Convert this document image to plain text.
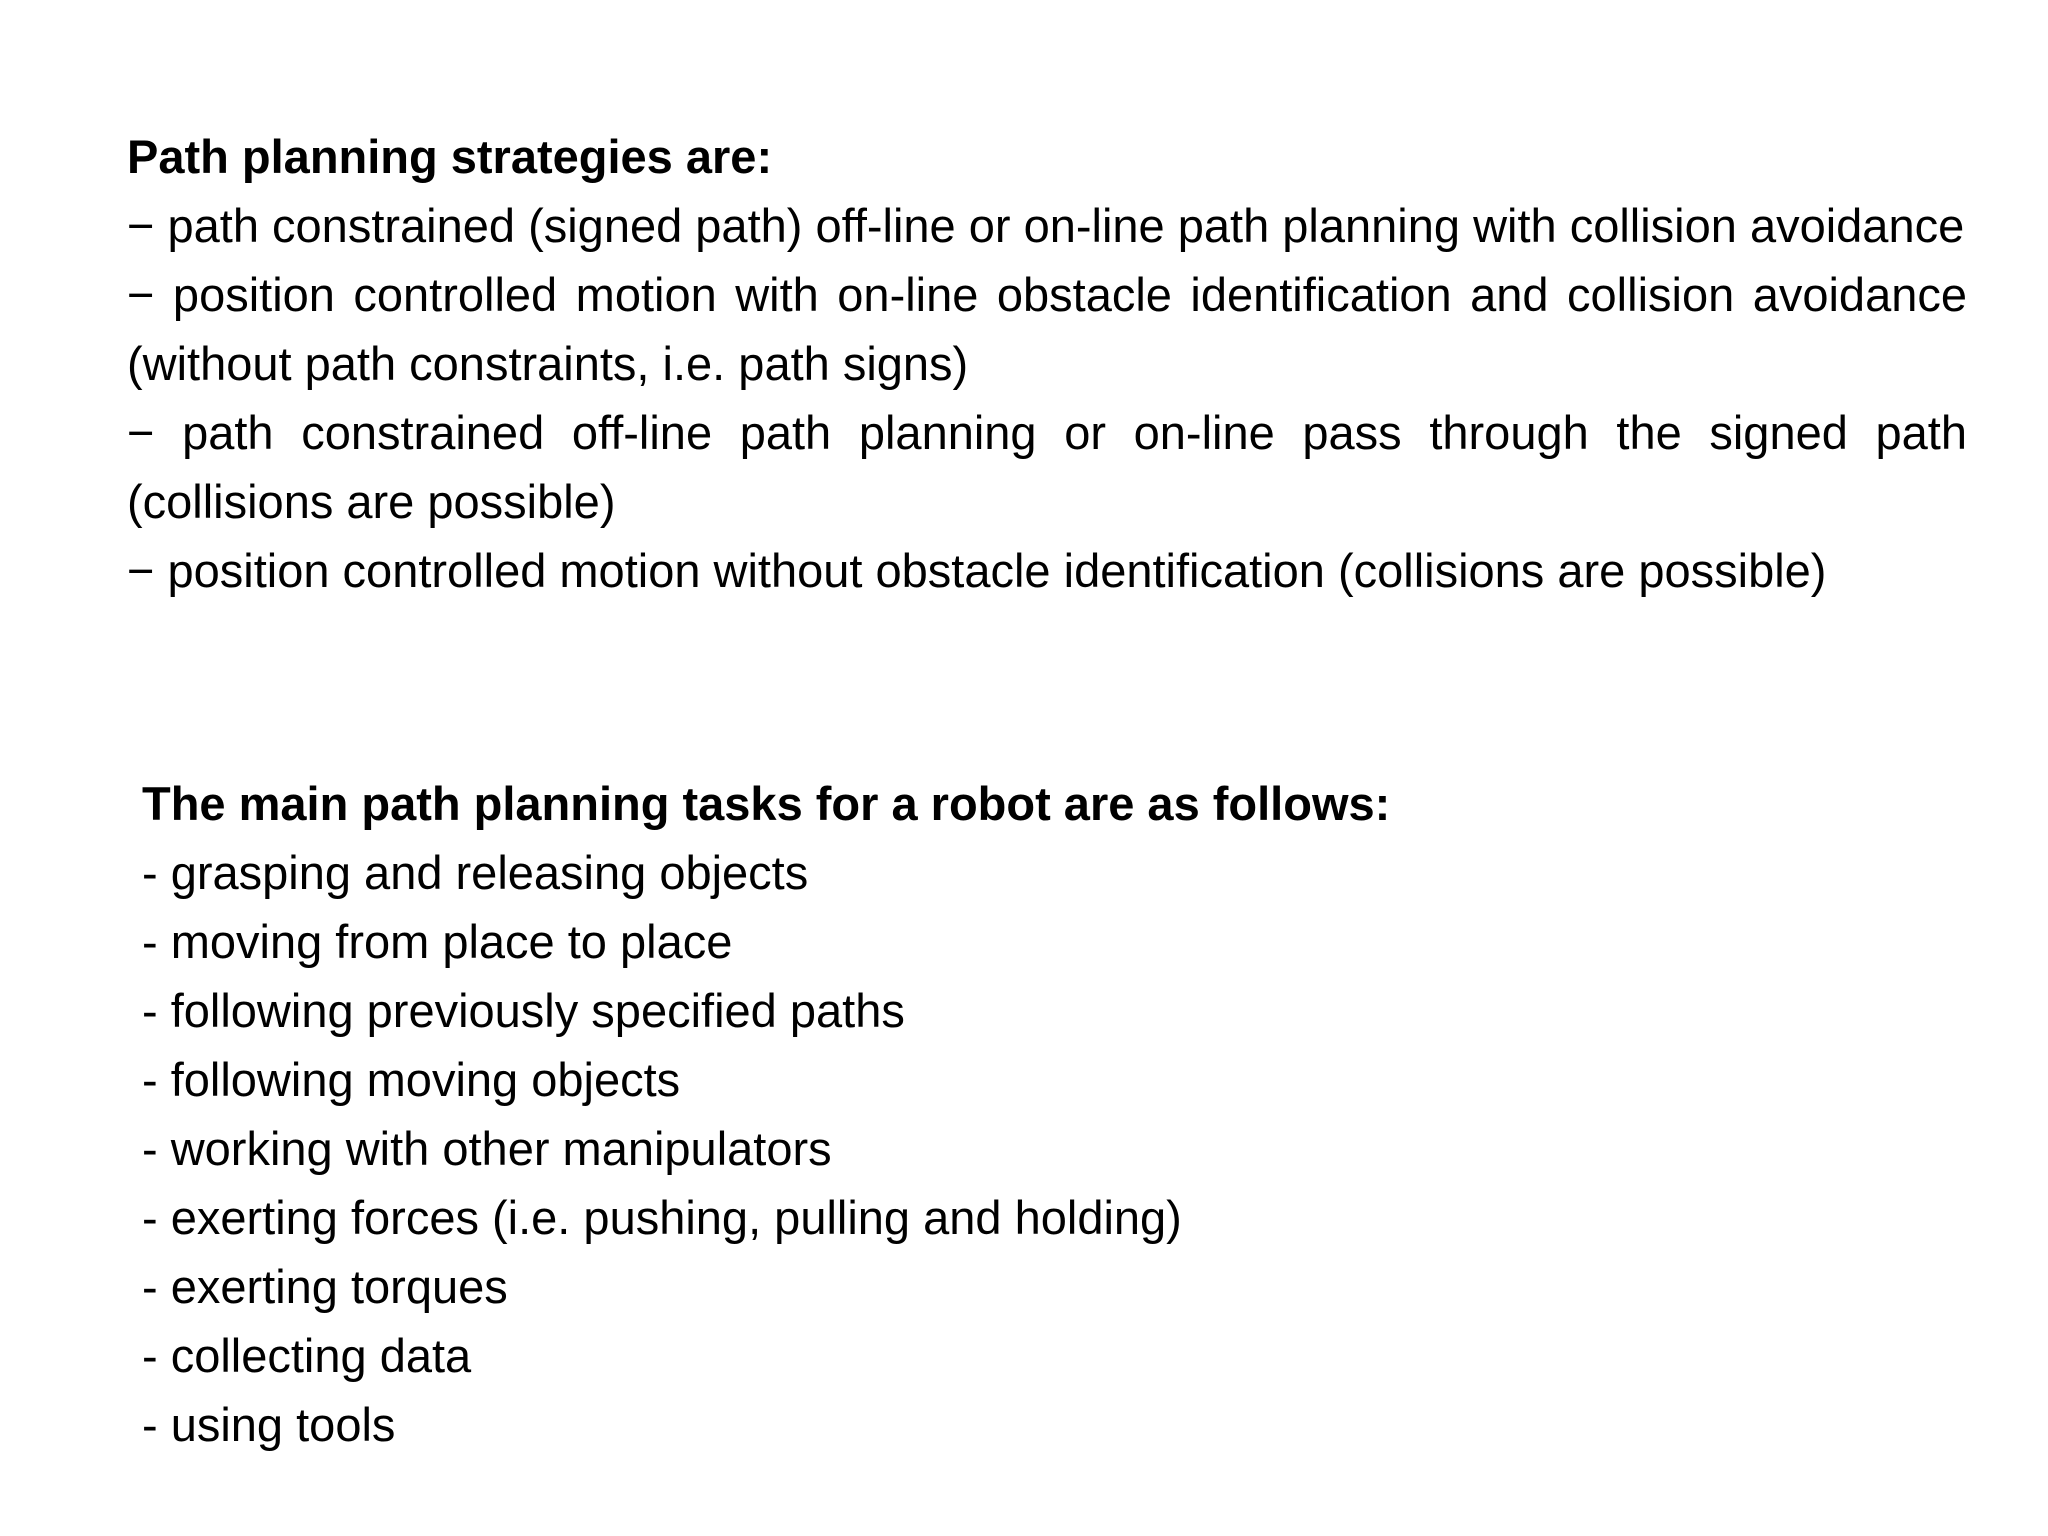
Path planning strategies are:

− path constrained (signed path) off-line or on-line path planning with collision avoidance

− position controlled motion with on-line obstacle identification and collision avoidance (without path constraints, i.e. path signs)

− path constrained off-line path planning or on-line pass through the signed path (collisions are possible)

− position controlled motion without obstacle identification (collisions are possible)

The main path planning tasks for a robot are as follows:

- grasping and releasing objects

- moving from place to place

- following previously specified paths

- following moving objects

- working with other manipulators

- exerting forces (i.e. pushing, pulling and holding)

- exerting torques

- collecting data

- using tools
